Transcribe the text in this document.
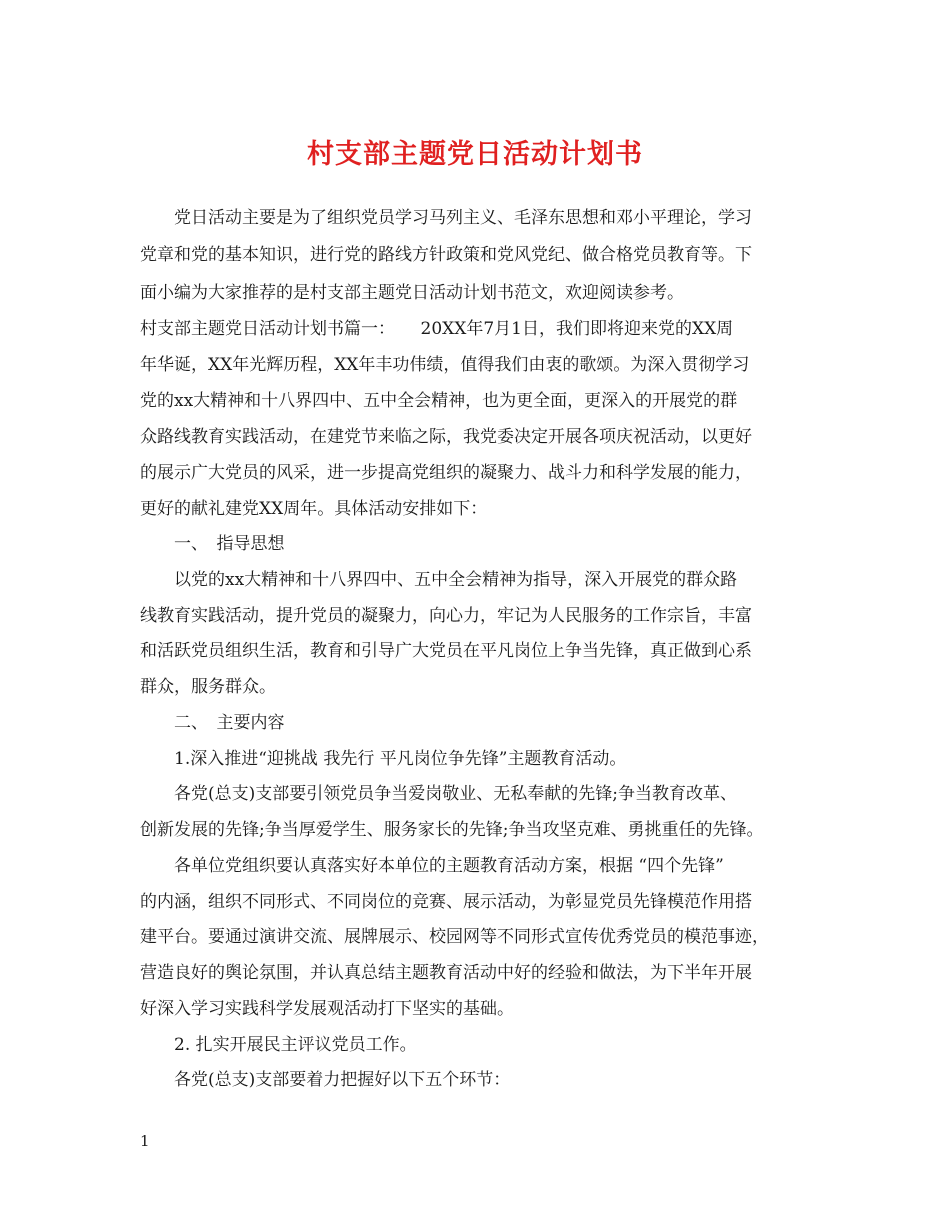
村支部主题党日活动计划书
　　党日活动主要是为了组织党员学习马列主义、毛泽东思想和邓小平理论，学习
党章和党的基本知识，进行党的路线方针政策和党风党纪、做合格党员教育等。下
面小编为大家推荐的是村支部主题党日活动计划书范文，欢迎阅读参考。
村支部主题党日活动计划书篇一：　　20XX年7月1日，我们即将迎来党的XX周
年华诞，XX年光辉历程，XX年丰功伟绩，值得我们由衷的歌颂。为深入贯彻学习
党的xx大精神和十八界四中、五中全会精神，也为更全面，更深入的开展党的群
众路线教育实践活动，在建党节来临之际，我党委决定开展各项庆祝活动，以更好
的展示广大党员的风采，进一步提高党组织的凝聚力、战斗力和科学发展的能力，
更好的献礼建党XX周年。具体活动安排如下：
　　一、　指导思想
　　以党的xx大精神和十八界四中、五中全会精神为指导，深入开展党的群众路
线教育实践活动，提升党员的凝聚力，向心力，牢记为人民服务的工作宗旨，丰富
和活跃党员组织生活，教育和引导广大党员在平凡岗位上争当先锋，真正做到心系
群众，服务群众。
　　二、　主要内容
　　1.深入推进“迎挑战 我先行 平凡岗位争先锋”主题教育活动。
　　各党(总支)支部要引领党员争当爱岗敬业、无私奉献的先锋;争当教育改革、
创新发展的先锋;争当厚爱学生、服务家长的先锋;争当攻坚克难、勇挑重任的先锋。
　　各单位党组织要认真落实好本单位的主题教育活动方案，根据 “四个先锋”
的内涵，组织不同形式、不同岗位的竞赛、展示活动，为彰显党员先锋模范作用搭
建平台。要通过演讲交流、展牌展示、校园网等不同形式宣传优秀党员的模范事迹，
营造良好的舆论氛围，并认真总结主题教育活动中好的经验和做法，为下半年开展
好深入学习实践科学发展观活动打下坚实的基础。
　　2. 扎实开展民主评议党员工作。
　　各党(总支)支部要着力把握好以下五个环节：
1
